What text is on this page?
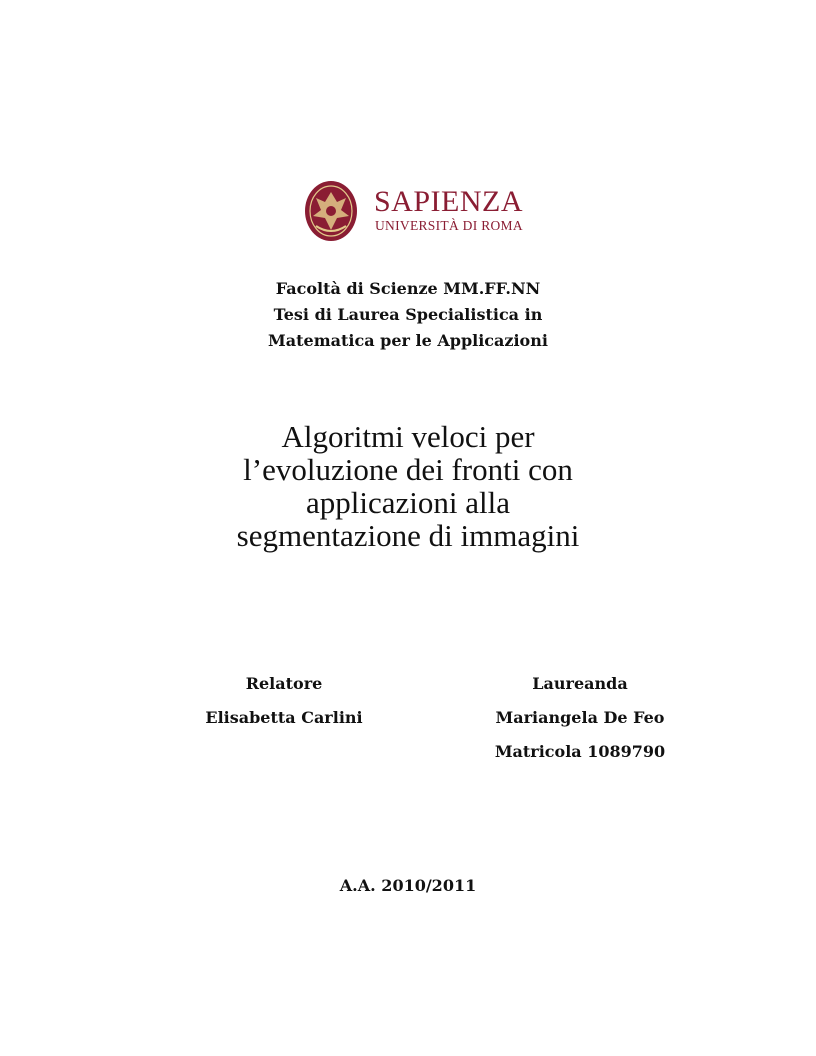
SAPIENZA
UNIVERSITÀ DI ROMA
Facoltà di Scienze MM.FF.NN
Tesi di Laurea Specialistica in
Matematica per le Applicazioni
Algoritmi veloci per
l’evoluzione dei fronti con
applicazioni alla
segmentazione di immagini
Relatore
Elisabetta Carlini
Laureanda
Mariangela De Feo
Matricola 1089790
A.A. 2010/2011
